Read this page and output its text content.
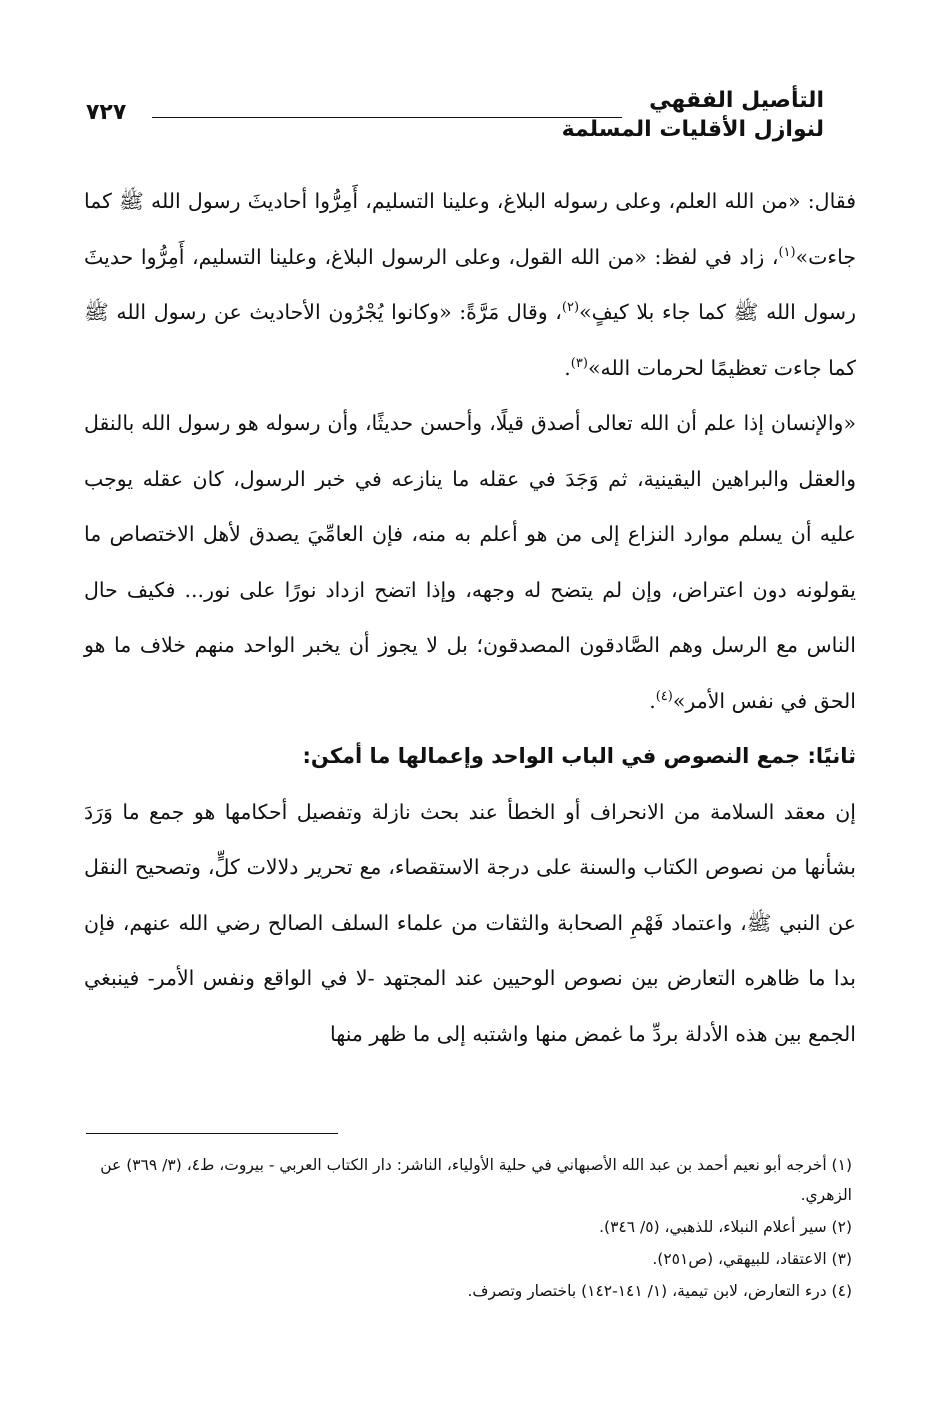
التأصيل الفقهي
لنوازل الأقليات المسلمة
٧٢٧

فقال: «من الله العلم، وعلى رسوله البلاغ، وعلينا التسليم، أَمِرُّوا أحاديثَ رسول الله ﷺ كما جاءت»$^{(١)}$، زاد في لفظ: «من الله القول، وعلى الرسول البلاغ، وعلينا التسليم، أَمِرُّوا حديثَ رسول الله ﷺ كما جاء بلا كيفٍ»$^{(٢)}$، وقال مَرَّةً: «وكانوا يُجْرُون الأحاديث عن رسول الله ﷺ كما جاءت تعظيمًا لحرمات الله»$^{(٣)}$.

«والإنسان إذا علم أن الله تعالى أصدق قيلًا، وأحسن حديثًا، وأن رسوله هو رسول الله بالنقل والعقل والبراهين اليقينية، ثم وَجَدَ في عقله ما ينازعه في خبر الرسول، كان عقله يوجب عليه أن يسلم موارد النزاع إلى من هو أعلم به منه، فإن العامِّيَ يصدق لأهل الاختصاص ما يقولونه دون اعتراض، وإن لم يتضح له وجهه، وإذا اتضح ازداد نورًا على نور... فكيف حال الناس مع الرسل وهم الصَّادقون المصدقون؛ بل لا يجوز أن يخبر الواحد منهم خلاف ما هو الحق في نفس الأمر»$^{(٤)}$.

ثانيًا: جمع النصوص في الباب الواحد وإعمالها ما أمكن:

إن معقد السلامة من الانحراف أو الخطأ عند بحث نازلة وتفصيل أحكامها هو جمع ما وَرَدَ بشأنها من نصوص الكتاب والسنة على درجة الاستقصاء، مع تحرير دلالات كلٍّ، وتصحيح النقل عن النبي ﷺ، واعتماد فَهْمِ الصحابة والثقات من علماء السلف الصالح رضي الله عنهم، فإن بدا ما ظاهره التعارض بين نصوص الوحيين عند المجتهد -لا في الواقع ونفس الأمر- فينبغي الجمع بين هذه الأدلة بردِّ ما غمض منها واشتبه إلى ما ظهر منها

(١) أخرجه أبو نعيم أحمد بن عبد الله الأصبهاني في حلية الأولياء، الناشر: دار الكتاب العربي - بيروت، ط٤، (٣/ ٣٦٩) عن الزهري.

(٢) سير أعلام النبلاء، للذهبي، (٥/ ٣٤٦).

(٣) الاعتقاد، للبيهقي، (ص٢٥١).

(٤) درء التعارض، لابن تيمية، (١/ ١٤١-١٤٢) باختصار وتصرف.
